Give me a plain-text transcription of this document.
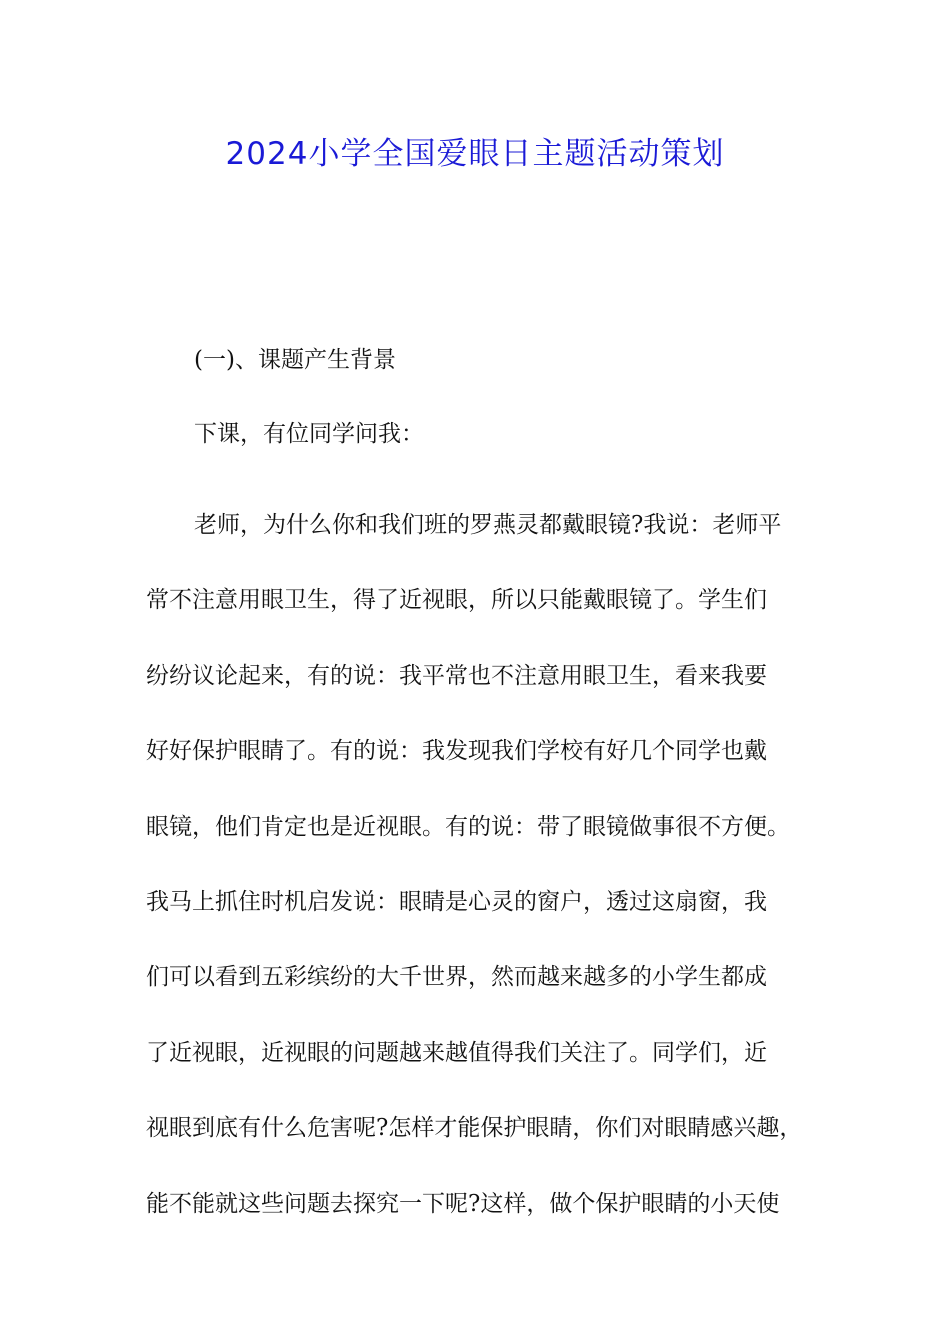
2024小学全国爱眼日主题活动策划

(一)、课题产生背景

下课，有位同学问我：

老师，为什么你和我们班的罗燕灵都戴眼镜?我说：老师平
常不注意用眼卫生，得了近视眼，所以只能戴眼镜了。学生们
纷纷议论起来，有的说：我平常也不注意用眼卫生，看来我要
好好保护眼睛了。有的说：我发现我们学校有好几个同学也戴
眼镜，他们肯定也是近视眼。有的说：带了眼镜做事很不方便。
我马上抓住时机启发说：眼睛是心灵的窗户，透过这扇窗，我
们可以看到五彩缤纷的大千世界，然而越来越多的小学生都成
了近视眼，近视眼的问题越来越值得我们关注了。同学们，近
视眼到底有什么危害呢?怎样才能保护眼睛，你们对眼睛感兴趣，
能不能就这些问题去探究一下呢?这样，做个保护眼睛的小天使
